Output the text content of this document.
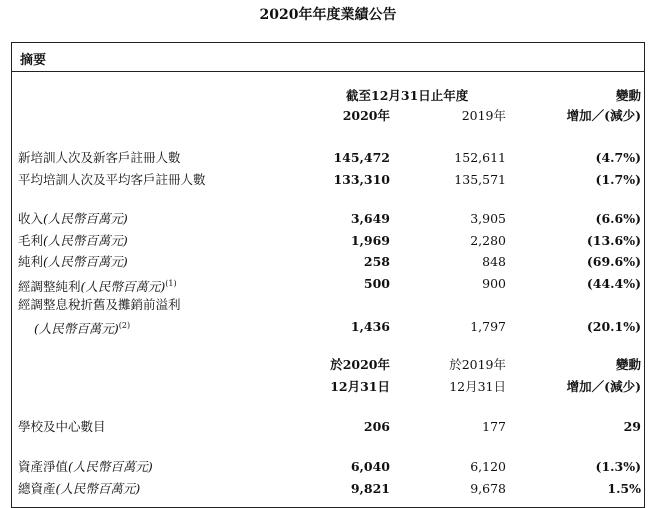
2020年年度業績公告
摘要
截至12月31日止年度	變動
2020年	2019年	增加／(減少)
新培訓人次及新客戶註冊人數	145,472	152,611	(4.7%)
平均培訓人次及平均客戶註冊人數	133,310	135,571	(1.7%)
收入(人民幣百萬元)	3,649	3,905	(6.6%)
毛利(人民幣百萬元)	1,969	2,280	(13.6%)
純利(人民幣百萬元)	258	848	(69.6%)
經調整純利(人民幣百萬元)$^{(1)}$	500	900	(44.4%)
經調整息稅折舊及攤銷前溢利
(人民幣百萬元)$^{(2)}$	1,436	1,797	(20.1%)
於2020年	於2019年	變動
12月31日	12月31日	增加／(減少)
學校及中心數目	206	177	29
資產淨值(人民幣百萬元)	6,040	6,120	(1.3%)
總資產(人民幣百萬元)	9,821	9,678	1.5%
